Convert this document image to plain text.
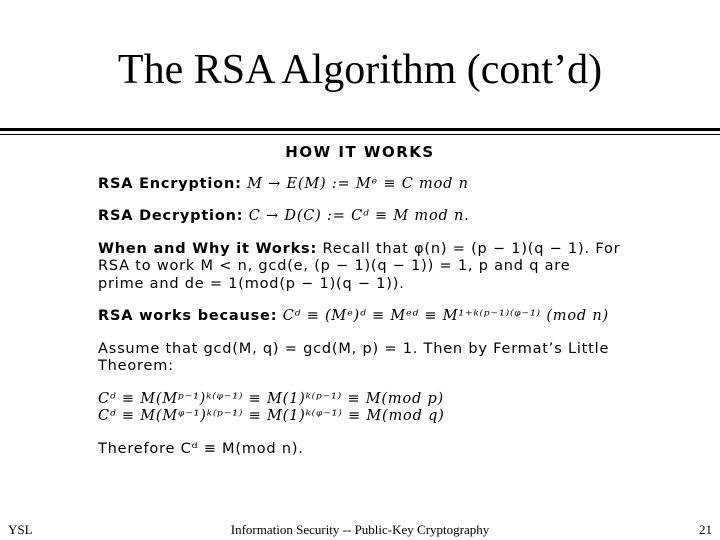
The RSA Algorithm (cont’d)
HOW IT WORKS
RSA Encryption: M → E(M) := Mᵉ ≡ C mod n
RSA Decryption: C → D(C) := Cᵈ ≡ M mod n.
When and Why it Works: Recall that φ(n) = (p − 1)(q − 1). For RSA to work M < n, gcd(e, (p − 1)(q − 1)) = 1, p and q are prime and de = 1(mod(p − 1)(q − 1)).
RSA works because: Cᵈ ≡ (Mᵉ)ᵈ ≡ Mᵉᵈ ≡ M¹⁺ᵏ⁽ᵖ⁻¹⁾⁽ᵠ⁻¹⁾ (mod n)
Assume that gcd(M, q) = gcd(M, p) = 1. Then by Fermat’s Little Theorem:
Cᵈ ≡ M(Mᵖ⁻¹)ᵏ⁽ᵠ⁻¹⁾ ≡ M(1)ᵏ⁽ᵖ⁻¹⁾ ≡ M(mod p)
Cᵈ ≡ M(Mᵠ⁻¹)ᵏ⁽ᵖ⁻¹⁾ ≡ M(1)ᵏ⁽ᵠ⁻¹⁾ ≡ M(mod q)
Therefore Cᵈ ≡ M(mod n).
YSL	Information Security -- Public-Key Cryptography	21
